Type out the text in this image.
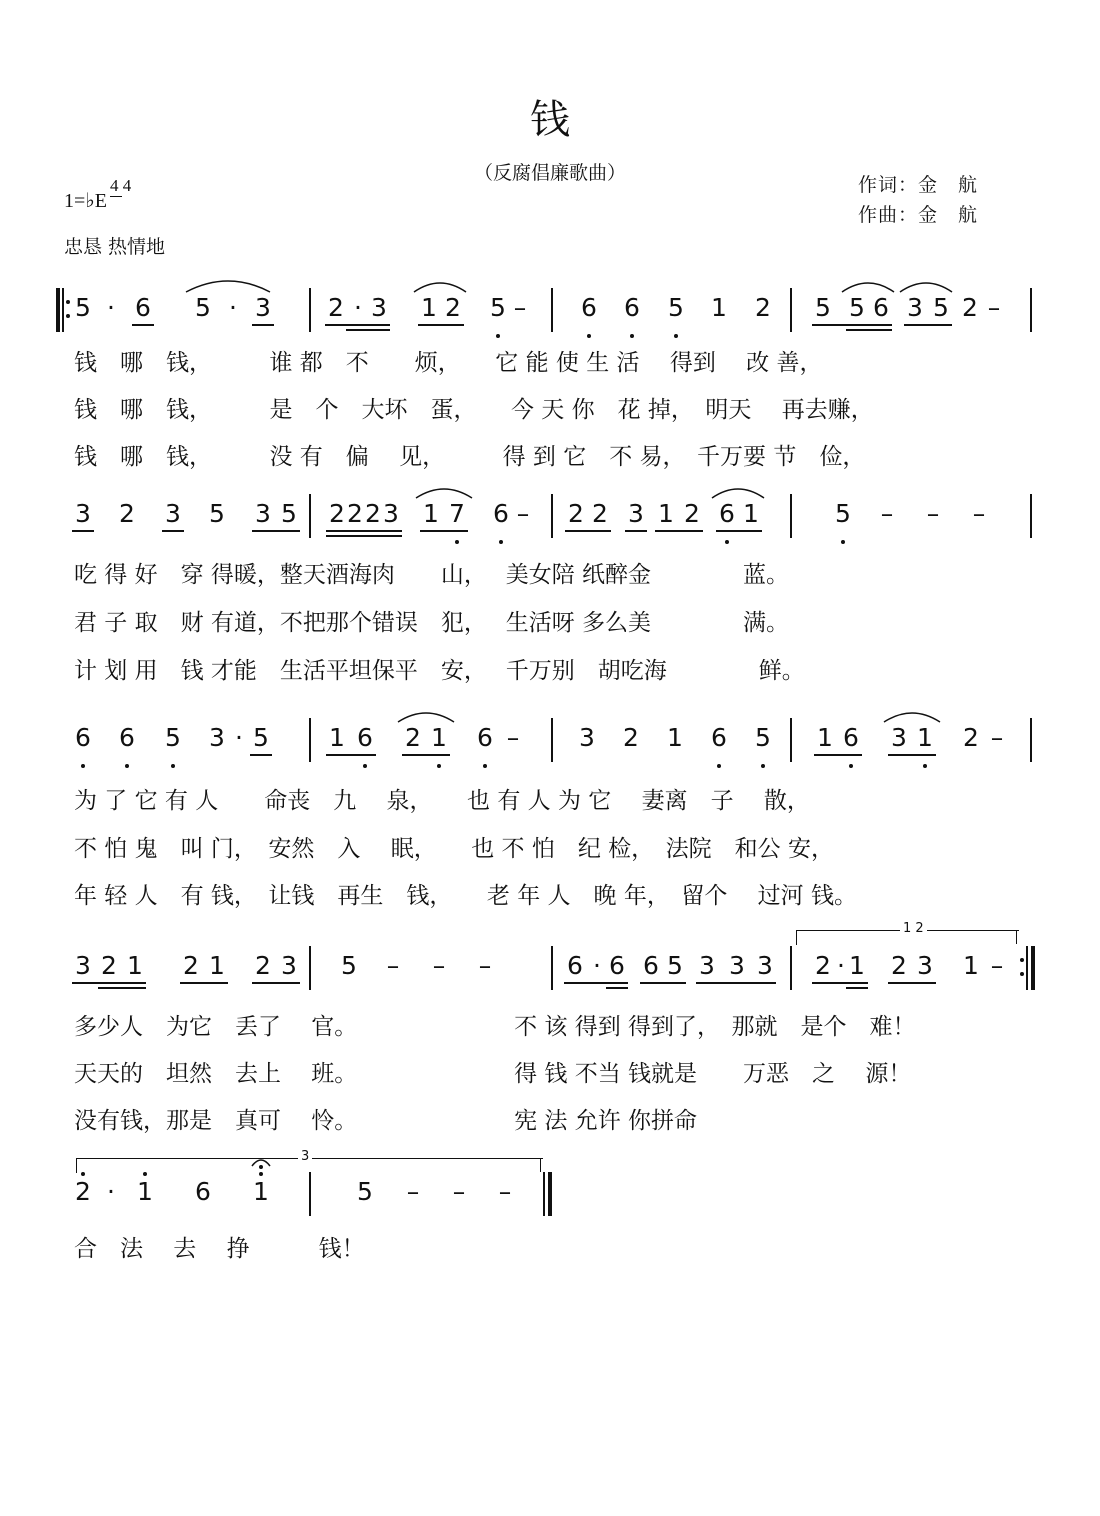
钱
（反腐倡廉歌曲）
作词：金　航
作曲：金　航
1=♭E
4 4
忠恳 热情地
5 · 6 5 · 3 2 · 3 1 2 5 – 6 6 5 1 2 5 5 6 3 5 2 –
钱　哪　钱，　　　谁 都　不　　烦，　　它 能 使 生 活　 得到　 改 善，
钱　哪　钱，　　　是　个　大坏　蛋，　　今 天 你　花 掉，　明天　 再去赚，
钱　哪　钱，　　　没 有　偏　 见，　　　得 到 它　不 易，　千万要 节　俭，
3 2 3 5 3 5 2 2 2 3 1 7 6 – 2 2 3 1 2 6 1	5 – – –
吃 得 好　穿 得暖，整天酒海肉　　山，　 美女陪 纸醉金　　　　蓝。
君 子 取　财 有道，不把那个错误　犯，　 生活呀 多么美　　　　满。
计 划 用　钱 才能　生活平坦保平　安，　 千万别　胡吃海　　　　鲜。
6 6 5 3 · 5 1 6 2 1 6 – 3 2 1 6 5 1 6 3 1 2 –
为 了 它 有 人　　命丧　九　 泉，　　也 有 人 为 它　 妻离　子　 散，
不 怕 鬼　叫 门，　安然　入　 眠，　　也 不 怕　纪 检，　法院　和公 安，
年 轻 人　有 钱，　让钱　再生　钱，　　老 年 人　晚 年，　留个　 过河 钱。
1 2
3 2 1 2 1 2 3 5 – – –	6 · 6 6 5 3 3 3 2 · 1 2 3 1 –
多少人　为它　丢了　 官。　　　　　　　 不 该 得到 得到了，　那就　是个　难！
天天的　坦然　去上　 班。　　　　　　　 得 钱 不当 钱就是　　万恶　之　 源！
没有钱，那是　真可　 怜。　　　　　　　 宪 法 允许 你拼命
3
2 · 1 6 1	5 – – –
合　法　 去　 挣　　　钱！
